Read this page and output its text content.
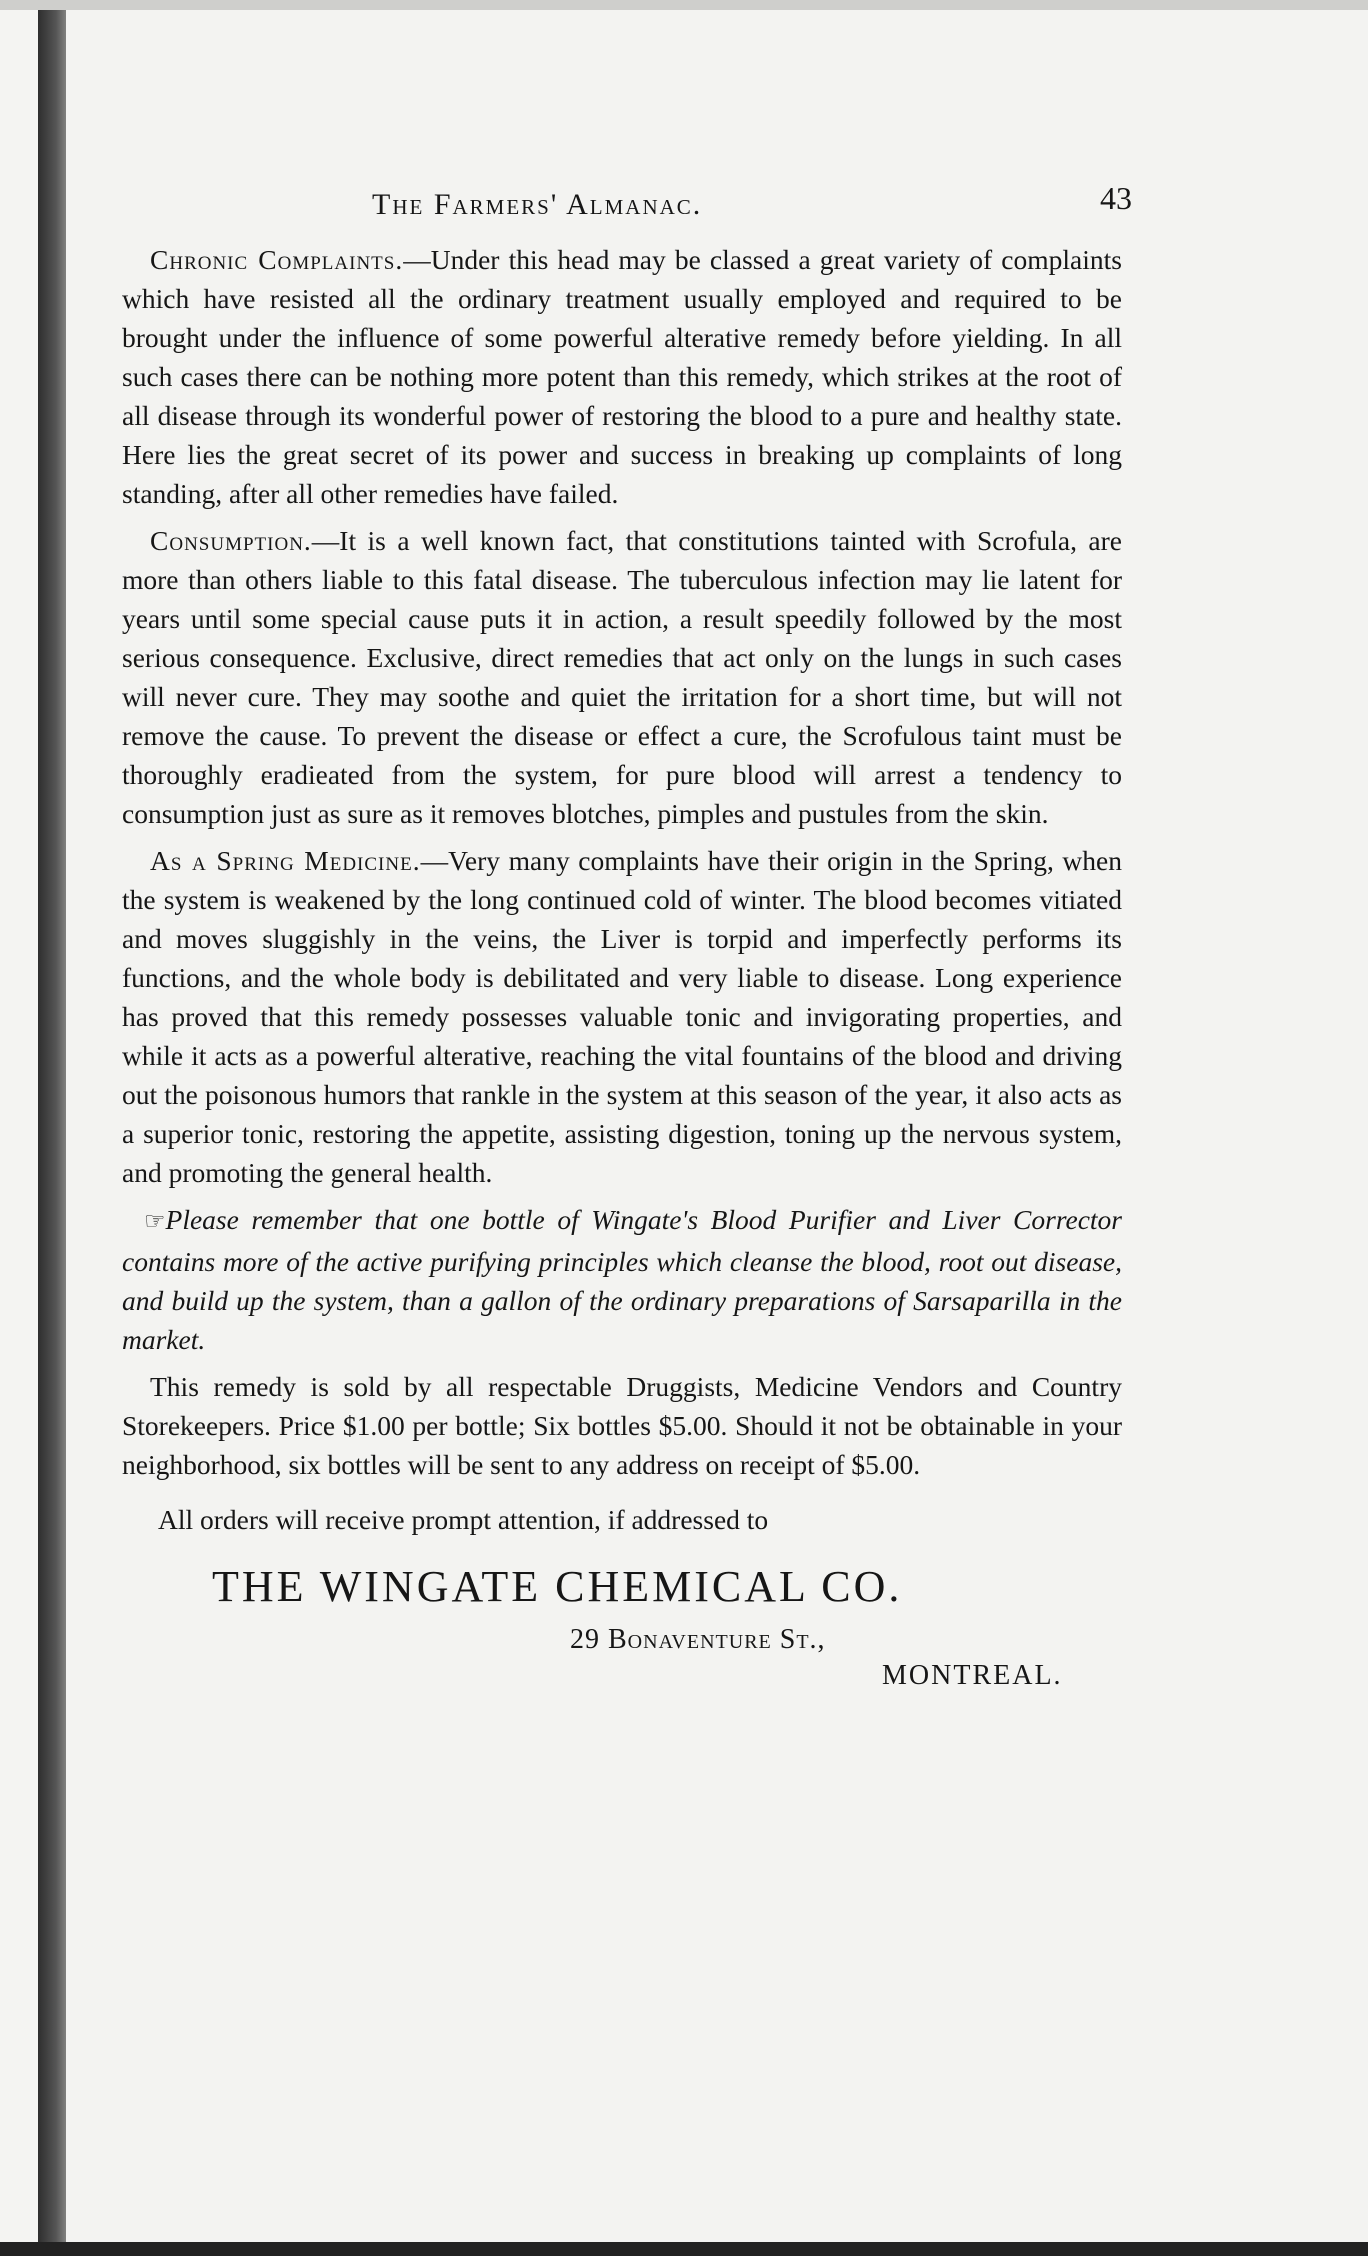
The Farmers' Almanac.	43

Chronic Complaints.—Under this head may be classed a great variety of complaints which have resisted all the ordinary treatment usually employed and required to be brought under the influence of some powerful alterative remedy before yielding. In all such cases there can be nothing more potent than this remedy, which strikes at the root of all disease through its wonderful power of restoring the blood to a pure and healthy state. Here lies the great secret of its power and success in breaking up complaints of long standing, after all other remedies have failed.

Consumption.—It is a well known fact, that constitutions tainted with Scrofula, are more than others liable to this fatal disease. The tuberculous infection may lie latent for years until some special cause puts it in action, a result speedily followed by the most serious consequence. Exclusive, direct remedies that act only on the lungs in such cases will never cure. They may soothe and quiet the irritation for a short time, but will not remove the cause. To prevent the disease or effect a cure, the Scrofulous taint must be thoroughly eradieated from the system, for pure blood will arrest a tendency to consumption just as sure as it removes blotches, pimples and pustules from the skin.

As a Spring Medicine.—Very many complaints have their origin in the Spring, when the system is weakened by the long continued cold of winter. The blood becomes vitiated and moves sluggishly in the veins, the Liver is torpid and imperfectly performs its functions, and the whole body is debilitated and very liable to disease. Long experience has proved that this remedy possesses valuable tonic and invigorating properties, and while it acts as a powerful alterative, reaching the vital fountains of the blood and driving out the poisonous humors that rankle in the system at this season of the year, it also acts as a superior tonic, restoring the appetite, assisting digestion, toning up the nervous system, and promoting the general health.

☞Please remember that one bottle of Wingate's Blood Purifier and Liver Corrector contains more of the active purifying principles which cleanse the blood, root out disease, and build up the system, than a gallon of the ordinary preparations of Sarsaparilla in the market.

This remedy is sold by all respectable Druggists, Medicine Vendors and Country Storekeepers. Price $1.00 per bottle; Six bottles $5.00. Should it not be obtainable in your neighborhood, six bottles will be sent to any address on receipt of $5.00.

All orders will receive prompt attention, if addressed to

THE WINGATE CHEMICAL CO.
29 Bonaventure St.,
MONTREAL.
